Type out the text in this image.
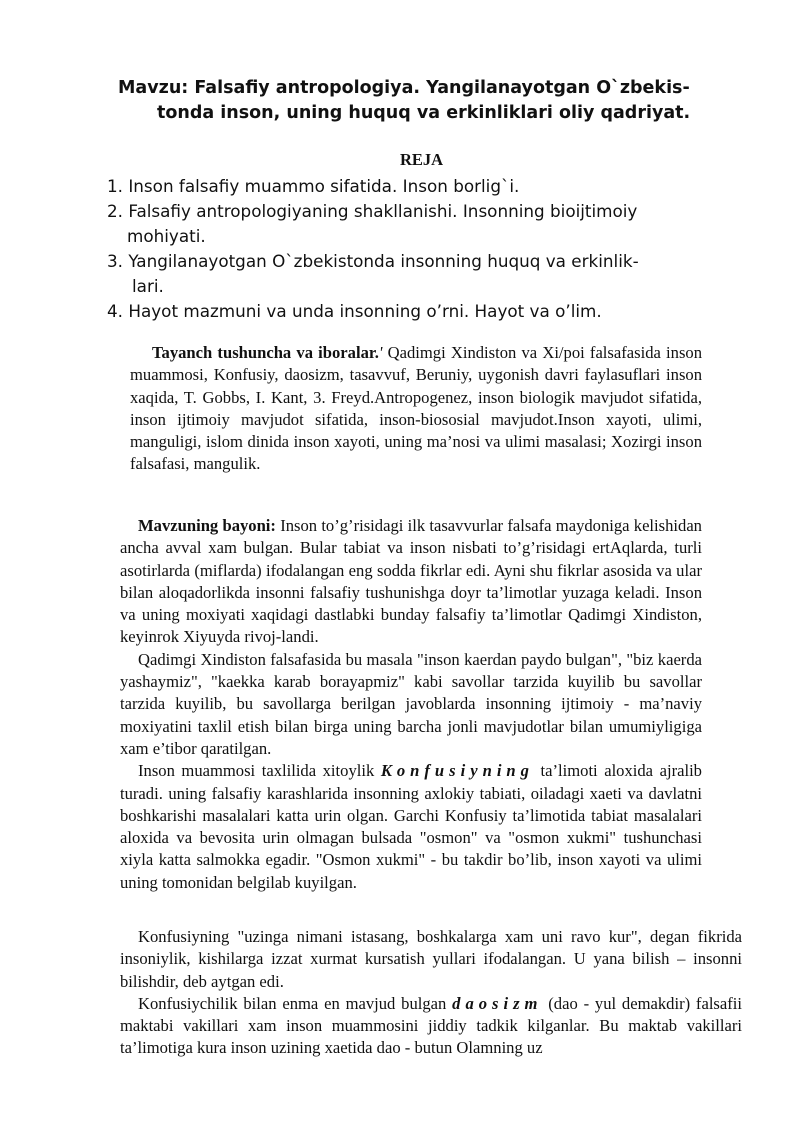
Mavzu: Falsafiy antropologiya. Yangilanayotgan O`zbekis-
tonda inson, uning huquq va erkinliklari oliy qadriyat.
REJA
1. Inson falsafiy muammo sifatida. Inson borlig`i.
2. Falsafiy antropologiyaning shakllanishi. Insonning bioijtimoiy
mohiyati.
3. Yangilanayotgan O`zbekistonda insonning huquq va erkinlik-
lari.
4. Hayot mazmuni va unda insonning o’rni. Hayot va o’lim.
Tayanch tushuncha va iboralar.' Qadimgi Xindiston va Xi/poi falsafasida inson muammosi, Konfusiy, daosizm, tasavvuf, Beruniy, uygonish davri faylasuflari inson xaqida, T. Gobbs, I. Kant, 3. Freyd.Antropogenez, inson biologik mavjudot sifatida, inson ijtimoiy mavjudot sifatida, inson-biososial mavjudot.Inson xayoti, ulimi, manguligi, islom dinida inson xayoti, uning ma’nosi va ulimi masalasi; Xozirgi inson falsafasi, mangulik.

Mavzuning bayoni: Inson to’g’risidagi ilk tasavvurlar falsafa maydoniga kelishidan ancha avval xam bulgan. Bular tabiat va inson nisbati to’g’risidagi ertAqlarda, turli asotirlarda (miflarda) ifodalangan eng sodda fikrlar edi. Ayni shu fikrlar asosida va ular bilan aloqadorlikda insonni falsafiy tushunishga doyr ta’limotlar yuzaga keladi. Inson va uning moxiyati xaqidagi dastlabki bunday falsafiy ta’limotlar Qadimgi Xindiston, keyinrok Xiyuyda rivoj-landi.

Qadimgi Xindiston falsafasida bu masala "inson kaerdan paydo bulgan", "biz kaerda yashaymiz", "kaekka karab borayapmiz" kabi savollar tarzida kuyilib bu savollar tarzida kuyilib, bu savollarga berilgan javoblarda insonning ijtimoiy - ma’naviy moxiyatini taxlil etish bilan birga uning barcha jonli mavjudotlar bilan umumiyligiga xam e’tibor qaratilgan.

Inson muammosi taxlilida xitoylik Konfusiyning ta’limoti aloxida ajralib turadi. uning falsafiy karashlarida insonning axlokiy tabiati, oiladagi xaeti va davlatni boshkarishi masalalari katta urin olgan. Garchi Konfusiy ta’limotida tabiat masalalari aloxida va bevosita urin olmagan bulsada "osmon" va "osmon xukmi" tushunchasi xiyla katta salmokka egadir. "Osmon xukmi" - bu takdir bo’lib, inson xayoti va ulimi uning tomonidan belgilab kuyilgan.

Konfusiyning "uzinga nimani istasang, boshkalarga xam uni ravo kur", degan fikrida insoniylik, kishilarga izzat xurmat kursatish yullari ifodalangan. U yana bilish – insonni bilishdir, deb aytgan edi.

Konfusiychilik bilan enma en mavjud bulgan daosizm (dao - yul demakdir) falsafii maktabi vakillari xam inson muammosini jiddiy tadkik kilganlar. Bu maktab vakillari ta’limotiga kura inson uzining xaetida dao - butun Olamning uz
